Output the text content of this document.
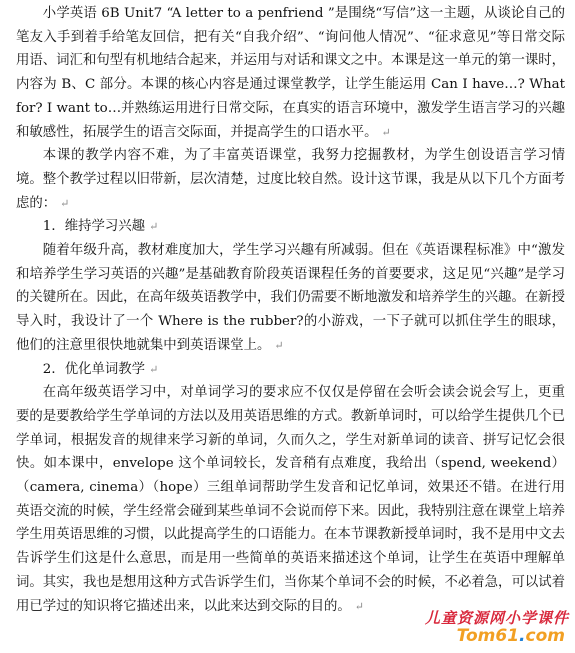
小学英语 6B Unit7 “A letter to a penfriend ”是围绕“写信”这一主题，从谈论自己的笔友入手到着手给笔友回信，把有关“自我介绍”、“询问他人情况”、“征求意见”等日常交际用语、词汇和句型有机地结合起来，并运用与对话和课文之中。本课是这一单元的第一课时，内容为 B、C 部分。本课的核心内容是通过课堂教学，让学生能运用 Can I have…? What for? I want to…并熟练运用进行日常交际，在真实的语言环境中，激发学生语言学习的兴趣和敏感性，拓展学生的语言交际面，并提高学生的口语水平。 ↵

本课的教学内容不难，为了丰富英语课堂，我努力挖掘教材，为学生创设语言学习情境。整个教学过程以旧带新，层次清楚，过度比较自然。设计这节课，我是从以下几个方面考虑的： ↵

1．维持学习兴趣 ↵

随着年级升高，教材难度加大，学生学习兴趣有所减弱。但在《英语课程标准》中“激发和培养学生学习英语的兴趣”是基础教育阶段英语课程任务的首要要求，这足见“兴趣”是学习的关键所在。因此，在高年级英语教学中，我们仍需要不断地激发和培养学生的兴趣。在新授导入时，我设计了一个 Where is the rubber?的小游戏，一下子就可以抓住学生的眼球，他们的注意里很快地就集中到英语课堂上。 ↵

2．优化单词教学 ↵

在高年级英语学习中，对单词学习的要求应不仅仅是停留在会听会读会说会写上，更重要的是要教给学生学单词的方法以及用英语思维的方式。教新单词时，可以给学生提供几个已学单词，根据发音的规律来学习新的单词，久而久之，学生对新单词的读音、拼写记忆会很快。如本课中，envelope 这个单词较长，发音稍有点难度，我给出（spend, weekend）（camera, cinema）（hope）三组单词帮助学生发音和记忆单词，效果还不错。在进行用英语交流的时候，学生经常会碰到某些单词不会说而停下来。因此，我特别注意在课堂上培养学生用英语思维的习惯，以此提高学生的口语能力。在本节课教新授单词时，我不是用中文去告诉学生们这是什么意思，而是用一些简单的英语来描述这个单词，让学生在英语中理解单词。其实，我也是想用这种方式告诉学生们，当你某个单词不会的时候，不必着急，可以试着用已学过的知识将它描述出来，以此来达到交际的目的。 ↵

儿童资源网小学课件
Tom61.com
